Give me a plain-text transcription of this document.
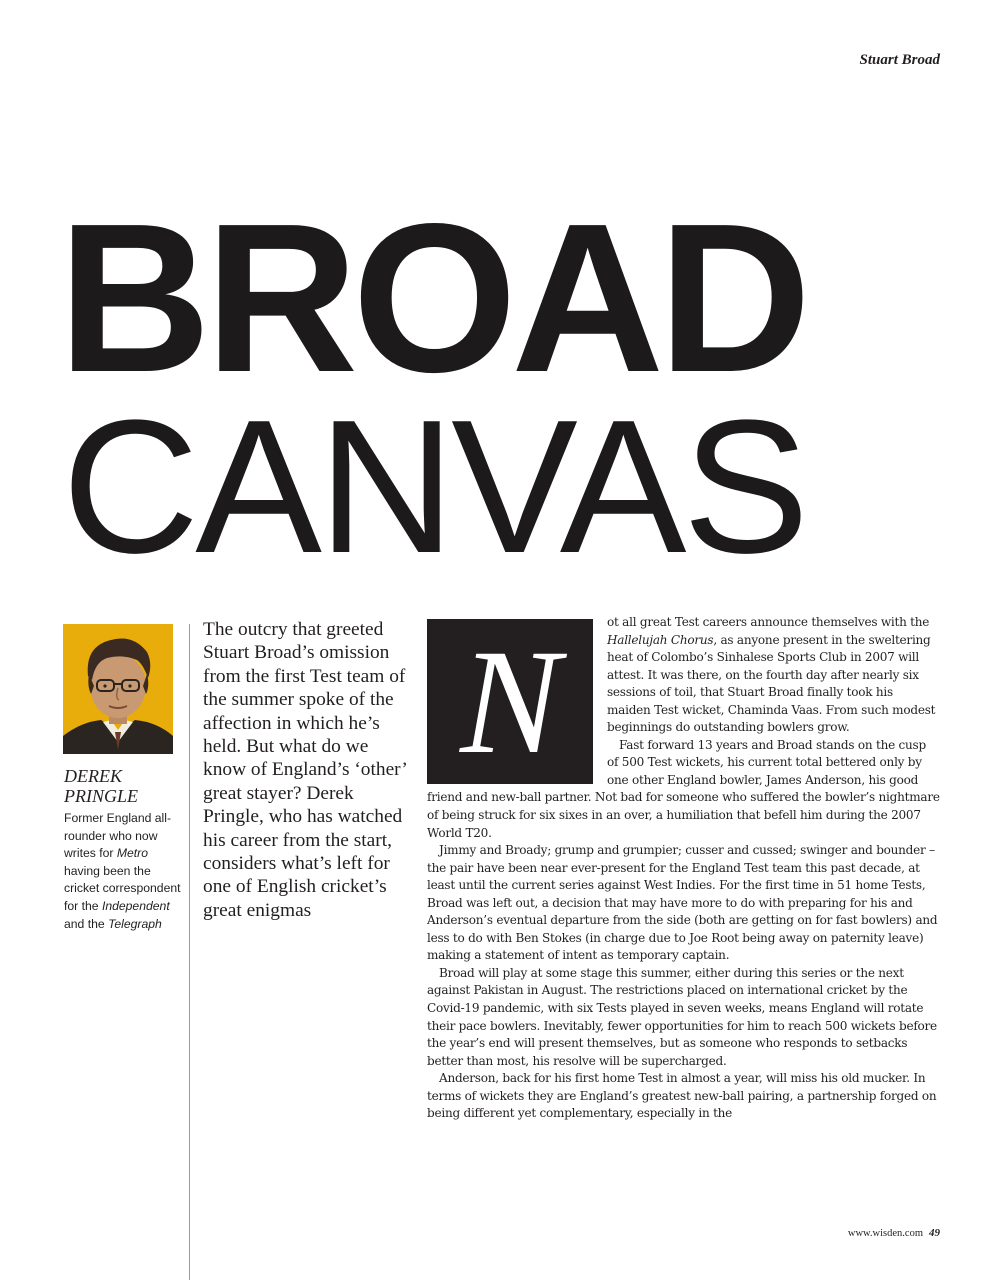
Stuart Broad
BROAD
CANVAS
DEREK
PRINGLE
Former England all-rounder who now writes for Metro having been the cricket correspondent for the Independent and the Telegraph
The outcry that greeted Stuart Broad’s omission from the first Test team of the summer spoke of the affection in which he’s held. But what do we know of England’s ‘other’ great stayer? Derek Pringle, who has watched his career from the start, considers what’s left for one of English cricket’s great enigmas
N	ot all great Test careers announce themselves with the Hallelujah Chorus, as anyone present in the sweltering heat of Colombo’s Sinhalese Sports Club in 2007 will attest. It was there, on the fourth day after nearly six sessions of toil, that Stuart Broad finally took his maiden Test wicket, Chaminda Vaas. From such modest beginnings do outstanding bowlers grow.

Fast forward 13 years and Broad stands on the cusp of 500 Test wickets, his current total bettered only by one other England bowler, James Anderson, his good friend and new-ball partner. Not bad for someone who suffered the bowler’s nightmare of being struck for six sixes in an over, a humiliation that befell him during the 2007 World T20.

Jimmy and Broady; grump and grumpier; cusser and cussed; swinger and bounder – the pair have been near ever-present for the England Test team this past decade, at least until the current series against West Indies. For the first time in 51 home Tests, Broad was left out, a decision that may have more to do with preparing for his and Anderson’s eventual departure from the side (both are getting on for fast bowlers) and less to do with Ben Stokes (in charge due to Joe Root being away on paternity leave) making a statement of intent as temporary captain.

Broad will play at some stage this summer, either during this series or the next against Pakistan in August. The restrictions placed on international cricket by the Covid-19 pandemic, with six Tests played in seven weeks, means England will rotate their pace bowlers. Inevitably, fewer opportunities for him to reach 500 wickets before the year’s end will present themselves, but as someone who responds to setbacks better than most, his resolve will be supercharged.

Anderson, back for his first home Test in almost a year, will miss his old mucker. In terms of wickets they are England’s greatest new-ball pairing, a partnership forged on being different yet complementary, especially in the

www.wisden.com 49
